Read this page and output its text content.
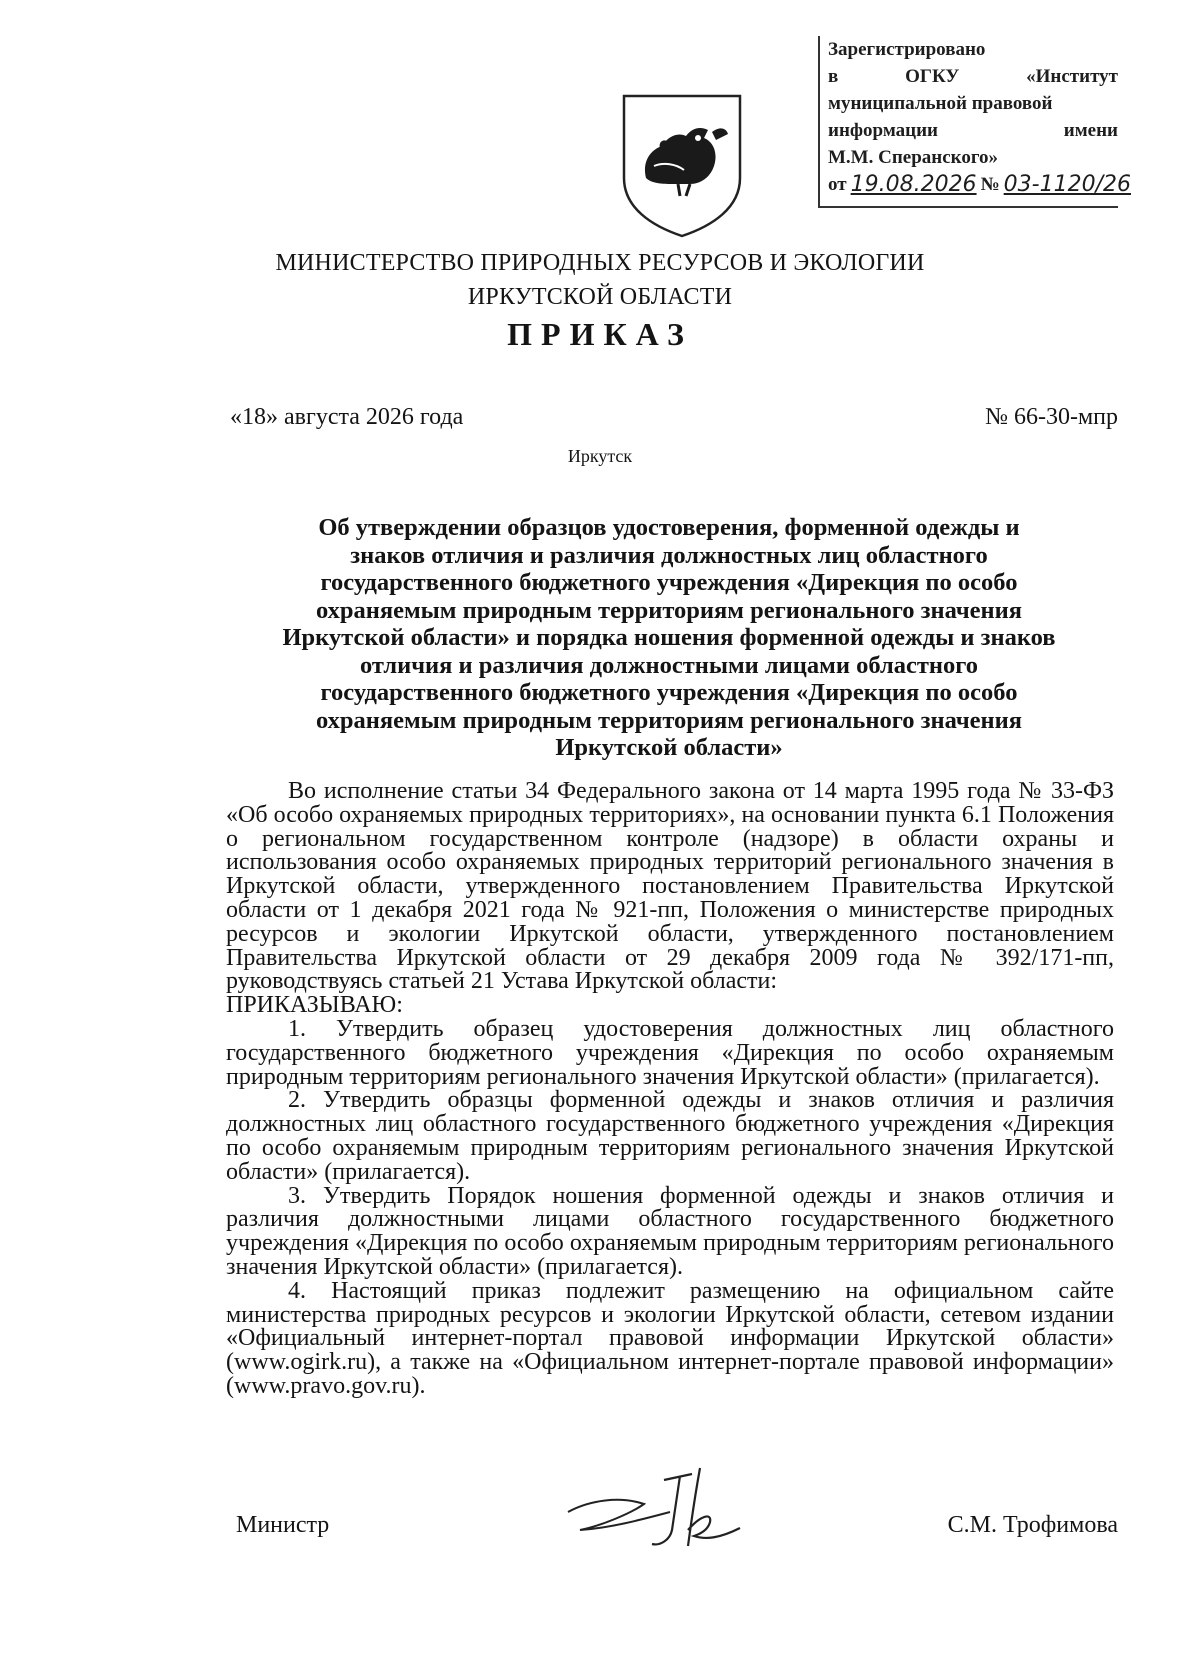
Зарегистрировано
в	ОГКУ	«Институт
муниципальной правовой
информации	имени
М.М. Сперанского»
от 19.08.2026 № 03-1120/26
МИНИСТЕРСТВО ПРИРОДНЫХ РЕСУРСОВ И ЭКОЛОГИИ
ИРКУТСКОЙ ОБЛАСТИ
ПРИКАЗ
«18» августа 2026 года	№ 66-30-мпр
Иркутск
Об утверждении образцов удостоверения, форменной одежды и
знаков отличия и различия должностных лиц областного
государственного бюджетного учреждения «Дирекция по особо
охраняемым природным территориям регионального значения
Иркутской области» и порядка ношения форменной одежды и знаков
отличия и различия должностными лицами областного
государственного бюджетного учреждения «Дирекция по особо
охраняемым природным территориям регионального значения
Иркутской области»

Во исполнение статьи 34 Федерального закона от 14 марта 1995 года № 33-ФЗ «Об особо охраняемых природных территориях», на основании пункта 6.1 Положения о региональном государственном контроле (надзоре) в области охраны и использования особо охраняемых природных территорий регионального значения в Иркутской области, утвержденного постановлением Правительства Иркутской области от 1 декабря 2021 года № 921-пп, Положения о министерстве природных ресурсов и экологии Иркутской области, утвержденного постановлением Правительства Иркутской области от 29 декабря 2009 года № 392/171-пп, руководствуясь статьей 21 Устава Иркутской области:

ПРИКАЗЫВАЮ:

1. Утвердить образец удостоверения должностных лиц областного государственного бюджетного учреждения «Дирекция по особо охраняемым природным территориям регионального значения Иркутской области» (прилагается).

2. Утвердить образцы форменной одежды и знаков отличия и различия должностных лиц областного государственного бюджетного учреждения «Дирекция по особо охраняемым природным территориям регионального значения Иркутской области» (прилагается).

3. Утвердить Порядок ношения форменной одежды и знаков отличия и различия должностными лицами областного государственного бюджетного учреждения «Дирекция по особо охраняемым природным территориям регионального значения Иркутской области» (прилагается).

4. Настоящий приказ подлежит размещению на официальном сайте министерства природных ресурсов и экологии Иркутской области, сетевом издании «Официальный интернет-портал правовой информации Иркутской области» (www.ogirk.ru), а также на «Официальном интернет-портале правовой информации» (www.pravo.gov.ru).

Министр	С.М. Трофимова
